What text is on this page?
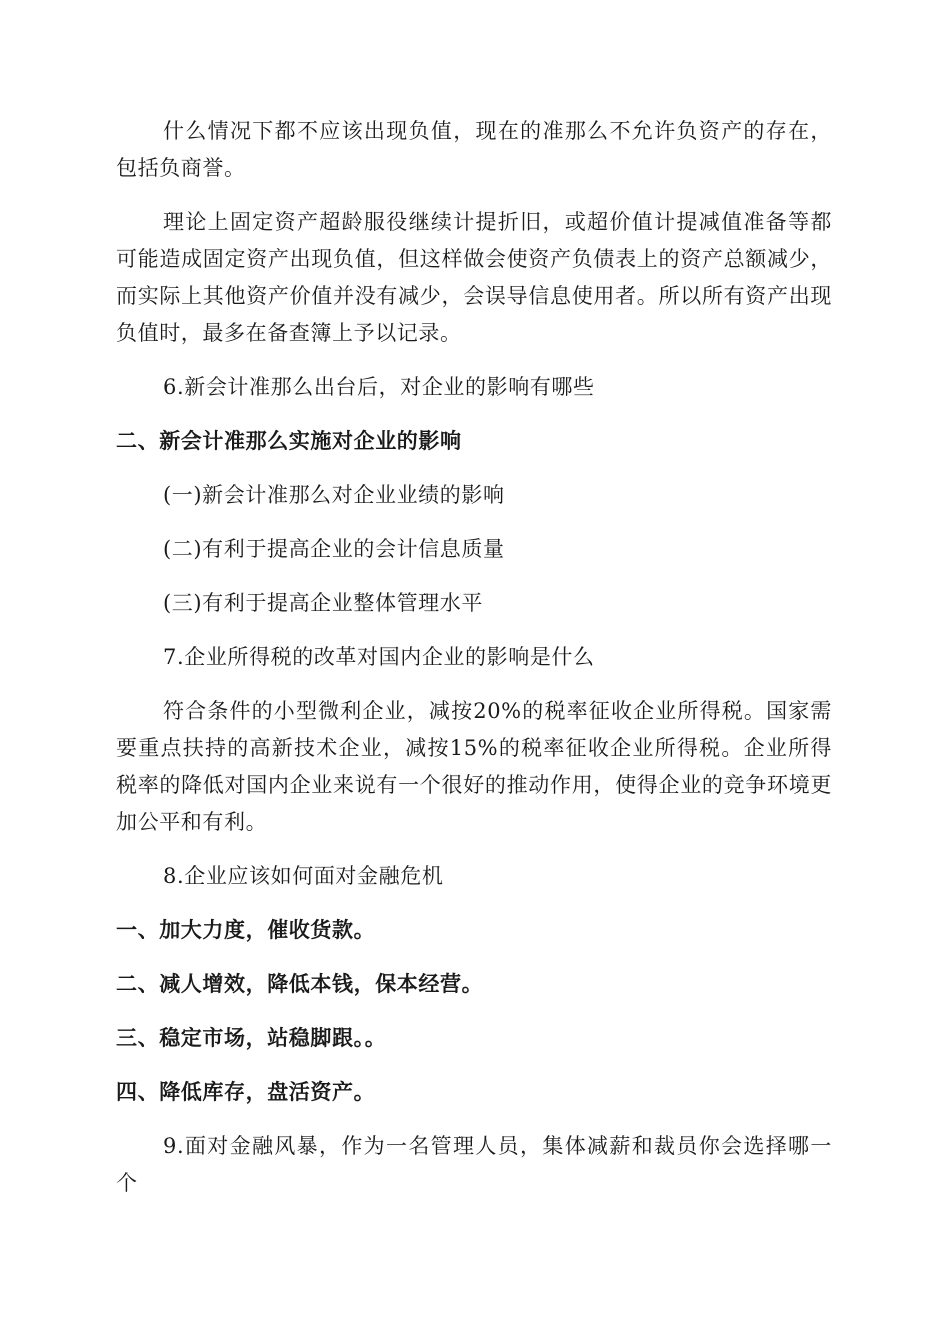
什么情况下都不应该出现负值，现在的准那么不允许负资产的存在，包括负商誉。

理论上固定资产超龄服役继续计提折旧，或超价值计提减值准备等都可能造成固定资产出现负值，但这样做会使资产负债表上的资产总额减少，而实际上其他资产价值并没有减少，会误导信息使用者。所以所有资产出现负值时，最多在备查簿上予以记录。

6.新会计准那么出台后，对企业的影响有哪些

二、新会计准那么实施对企业的影响

(一)新会计准那么对企业业绩的影响

(二)有利于提高企业的会计信息质量

(三)有利于提高企业整体管理水平

7.企业所得税的改革对国内企业的影响是什么

符合条件的小型微利企业，减按20%的税率征收企业所得税。国家需要重点扶持的高新技术企业，减按15%的税率征收企业所得税。企业所得税率的降低对国内企业来说有一个很好的推动作用，使得企业的竞争环境更加公平和有利。

8.企业应该如何面对金融危机

一、加大力度，催收货款。

二、减人增效，降低本钱，保本经营。

三、稳定市场，站稳脚跟。。

四、降低库存，盘活资产。

9.面对金融风暴，作为一名管理人员，集体减薪和裁员你会选择哪一个
